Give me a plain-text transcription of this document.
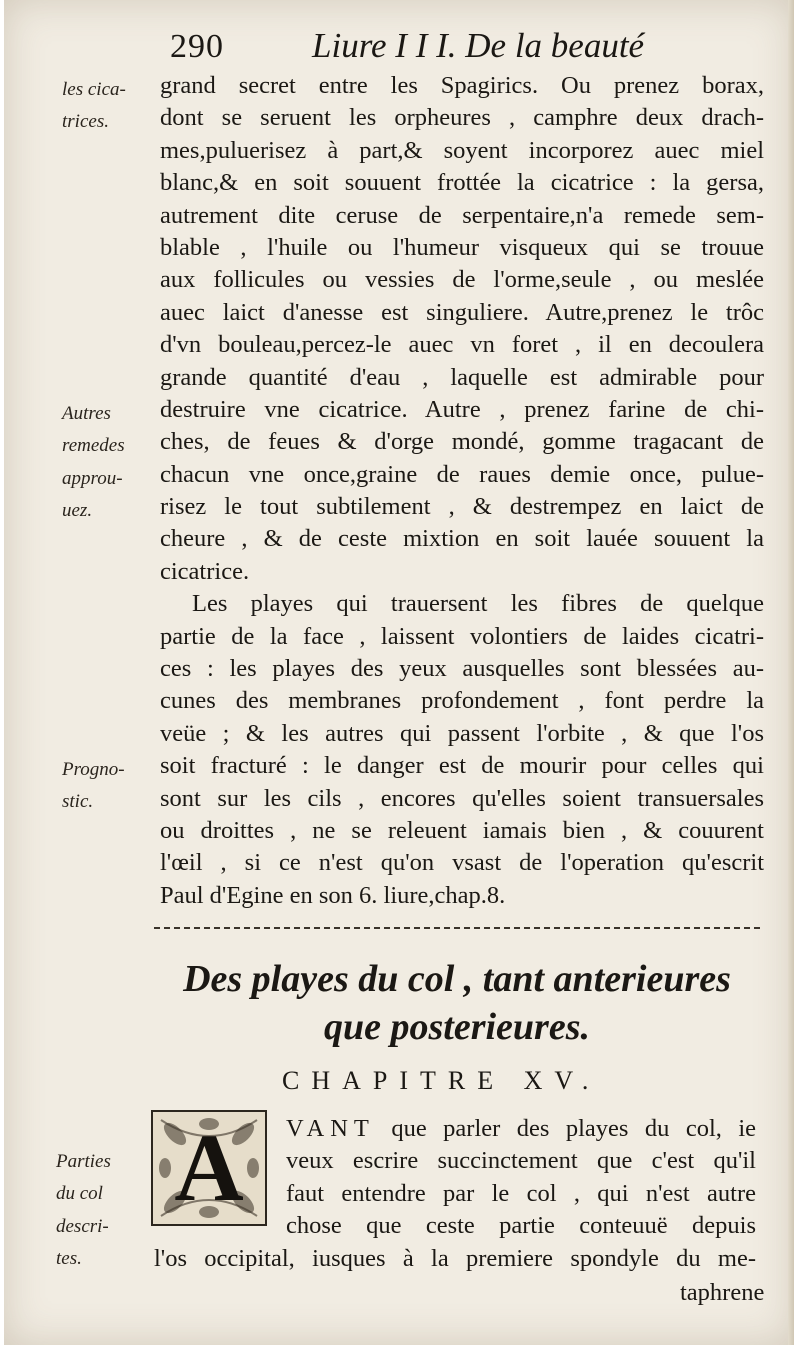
290	Liure I I I. De la beauté
les cica-
trices.
Autres
remedes
approu-
uez.
Progno-
stic.
Parties
du col
descri-
tes.
grand secret entre les Spagirics. Ou prenez borax,
dont se seruent les orpheures , camphre deux drach-
mes,puluerisez à part,& soyent incorporez auec miel
blanc,& en soit souuent frottée la cicatrice : la gersa,
autrement dite ceruse de serpentaire,n'a remede sem-
blable , l'huile ou l'humeur visqueux qui se trouue
aux follicules ou vessies de l'orme,seule , ou meslée
auec laict d'anesse est singuliere. Autre,prenez le trôc
d'vn bouleau,percez-le auec vn foret , il en decoulera
grande quantité d'eau , laquelle est admirable pour
destruire vne cicatrice. Autre , prenez farine de chi-
ches, de feues & d'orge mondé, gomme tragacant de
chacun vne once,graine de raues demie once, pulue-
risez le tout subtilement , & destrempez en laict de
cheure , & de ceste mixtion en soit lauée souuent la
cicatrice.
Les playes qui trauersent les fibres de quelque
partie de la face , laissent volontiers de laides cicatri-
ces : les playes des yeux ausquelles sont blessées au-
cunes des membranes profondement , font perdre la
veüe ; & les autres qui passent l'orbite , & que l'os
soit fracturé : le danger est de mourir pour celles qui
sont sur les cils , encores qu'elles soient transuersales
ou droittes , ne se releuent iamais bien , & couurent
l'œil , si ce n'est qu'on vsast de l'operation qu'escrit
Paul d'Egine en son 6. liure,chap.8.
Des playes du col , tant anterieures
que posterieures.
CHAPITRE XV.
A	VANT que parler des playes du col, ie
veux escrire succinctement que c'est qu'il
faut entendre par le col , qui n'est autre
chose que ceste partie conteuuë depuis
l'os occipital, iusques à la premiere spondyle du me-
taphrene
